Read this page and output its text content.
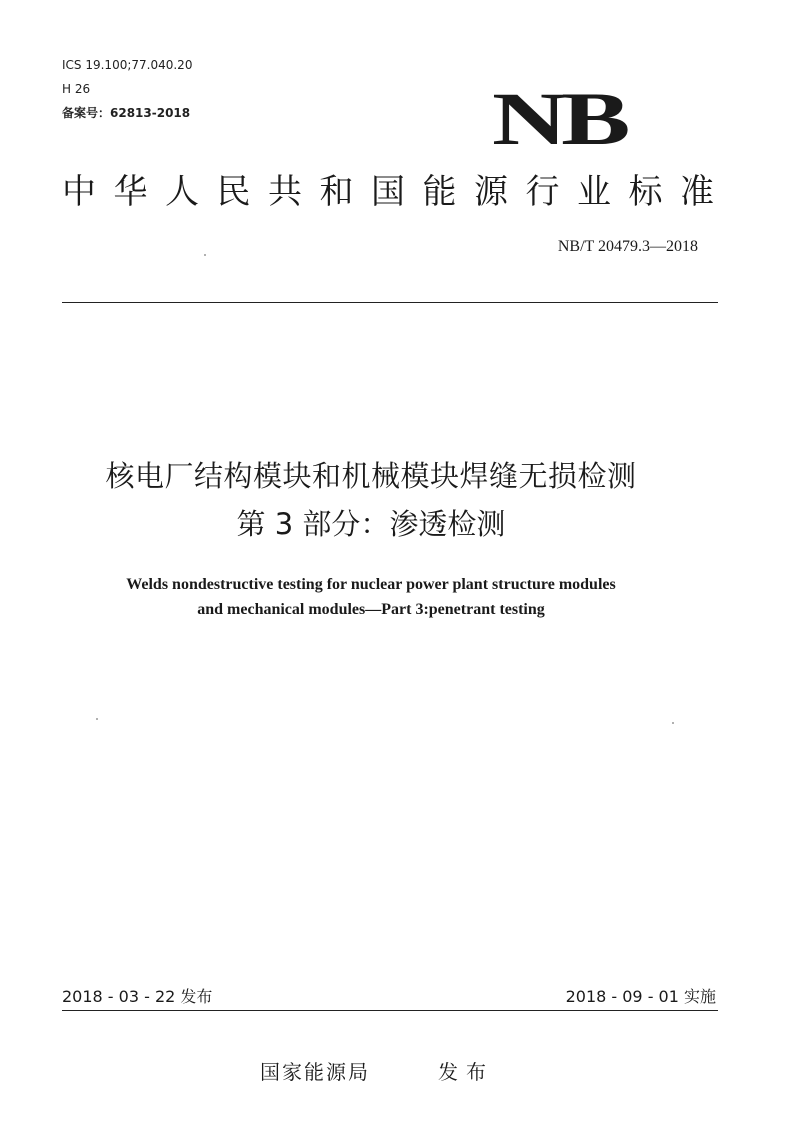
ICS 19.100;77.040.20
H 26
备案号：62813-2018	NB
中华人民共和国能源行业标准
NB/T 20479.3—2018
核电厂结构模块和机械模块焊缝无损检测
第 3 部分：渗透检测
Welds nondestructive testing for nuclear power plant structure modules
and mechanical modules—Part 3:penetrant testing
2018 - 03 - 22 发布	2018 - 09 - 01 实施
国家能源局	发布
